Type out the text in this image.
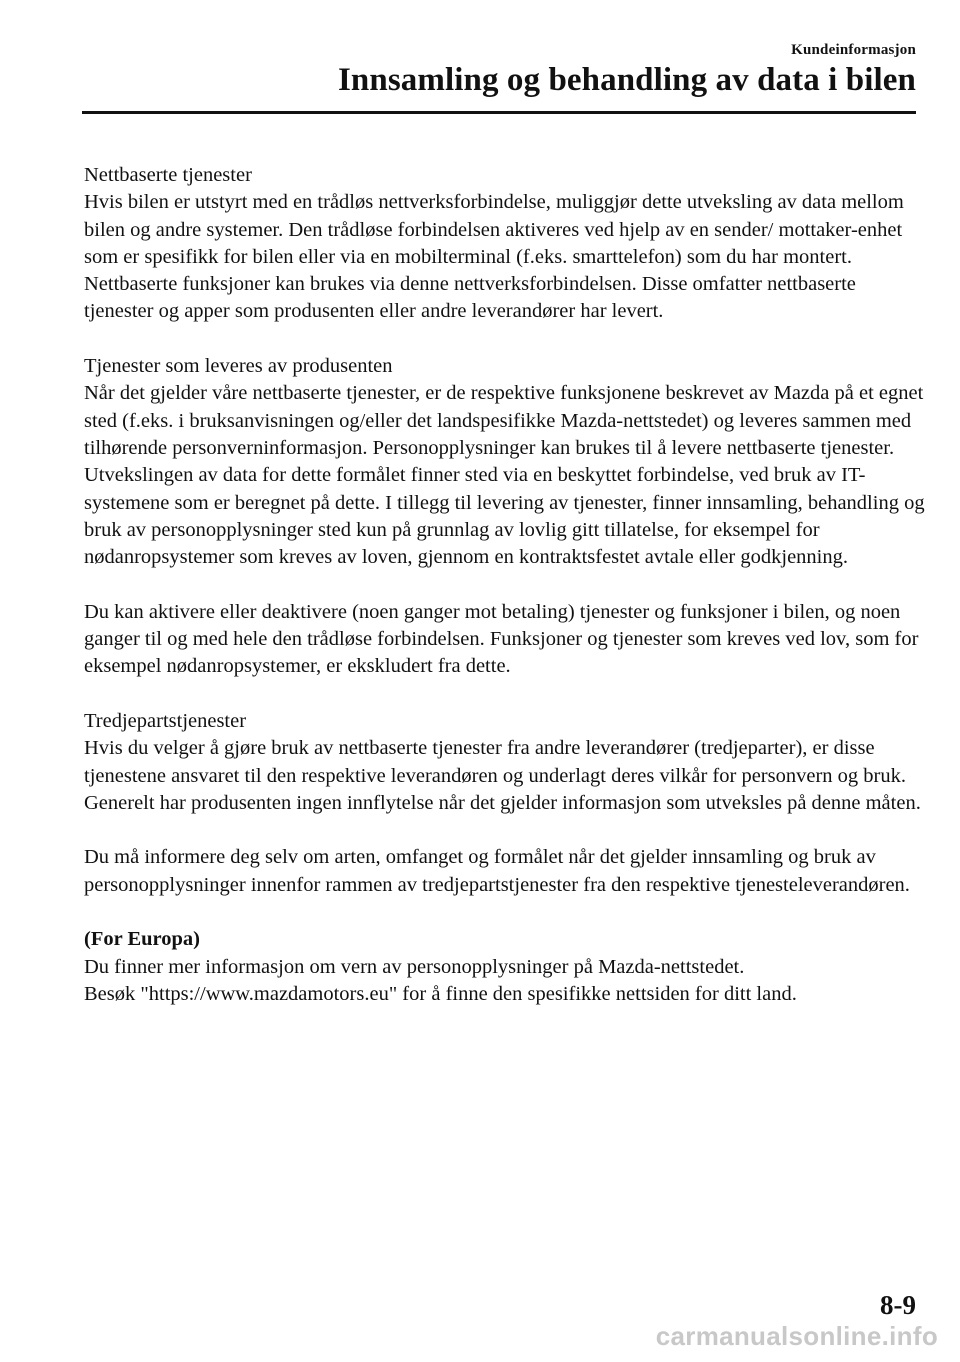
Kundeinformasjon
Innsamling og behandling av data i bilen

Nettbaserte tjenester

Hvis bilen er utstyrt med en trådløs nettverksforbindelse, muliggjør dette utveksling av data mellom bilen og andre systemer. Den trådløse forbindelsen aktiveres ved hjelp av en sender/ mottaker-enhet som er spesifikk for bilen eller via en mobilterminal (f.eks. smarttelefon) som du har montert. Nettbaserte funksjoner kan brukes via denne nettverksforbindelsen. Disse omfatter nettbaserte tjenester og apper som produsenten eller andre leverandører har levert.

Tjenester som leveres av produsenten

Når det gjelder våre nettbaserte tjenester, er de respektive funksjonene beskrevet av Mazda på et egnet sted (f.eks. i bruksanvisningen og/eller det landspesifikke Mazda-nettstedet) og leveres sammen med tilhørende personverninformasjon. Personopplysninger kan brukes til å levere nettbaserte tjenester. Utvekslingen av data for dette formålet finner sted via en beskyttet forbindelse, ved bruk av IT-systemene som er beregnet på dette. I tillegg til levering av tjenester, finner innsamling, behandling og bruk av personopplysninger sted kun på grunnlag av lovlig gitt tillatelse, for eksempel for nødanropsystemer som kreves av loven, gjennom en kontraktsfestet avtale eller godkjenning.

Du kan aktivere eller deaktivere (noen ganger mot betaling) tjenester og funksjoner i bilen, og noen ganger til og med hele den trådløse forbindelsen. Funksjoner og tjenester som kreves ved lov, som for eksempel nødanropsystemer, er ekskludert fra dette.

Tredjepartstjenester

Hvis du velger å gjøre bruk av nettbaserte tjenester fra andre leverandører (tredjeparter), er disse tjenestene ansvaret til den respektive leverandøren og underlagt deres vilkår for personvern og bruk. Generelt har produsenten ingen innflytelse når det gjelder informasjon som utveksles på denne måten.

Du må informere deg selv om arten, omfanget og formålet når det gjelder innsamling og bruk av personopplysninger innenfor rammen av tredjepartstjenester fra den respektive tjenesteleverandøren.

(For Europa)

Du finner mer informasjon om vern av personopplysninger på Mazda-nettstedet.

Besøk "https://www.mazdamotors.eu" for å finne den spesifikke nettsiden for ditt land.

8-9
carmanualsonline.info
